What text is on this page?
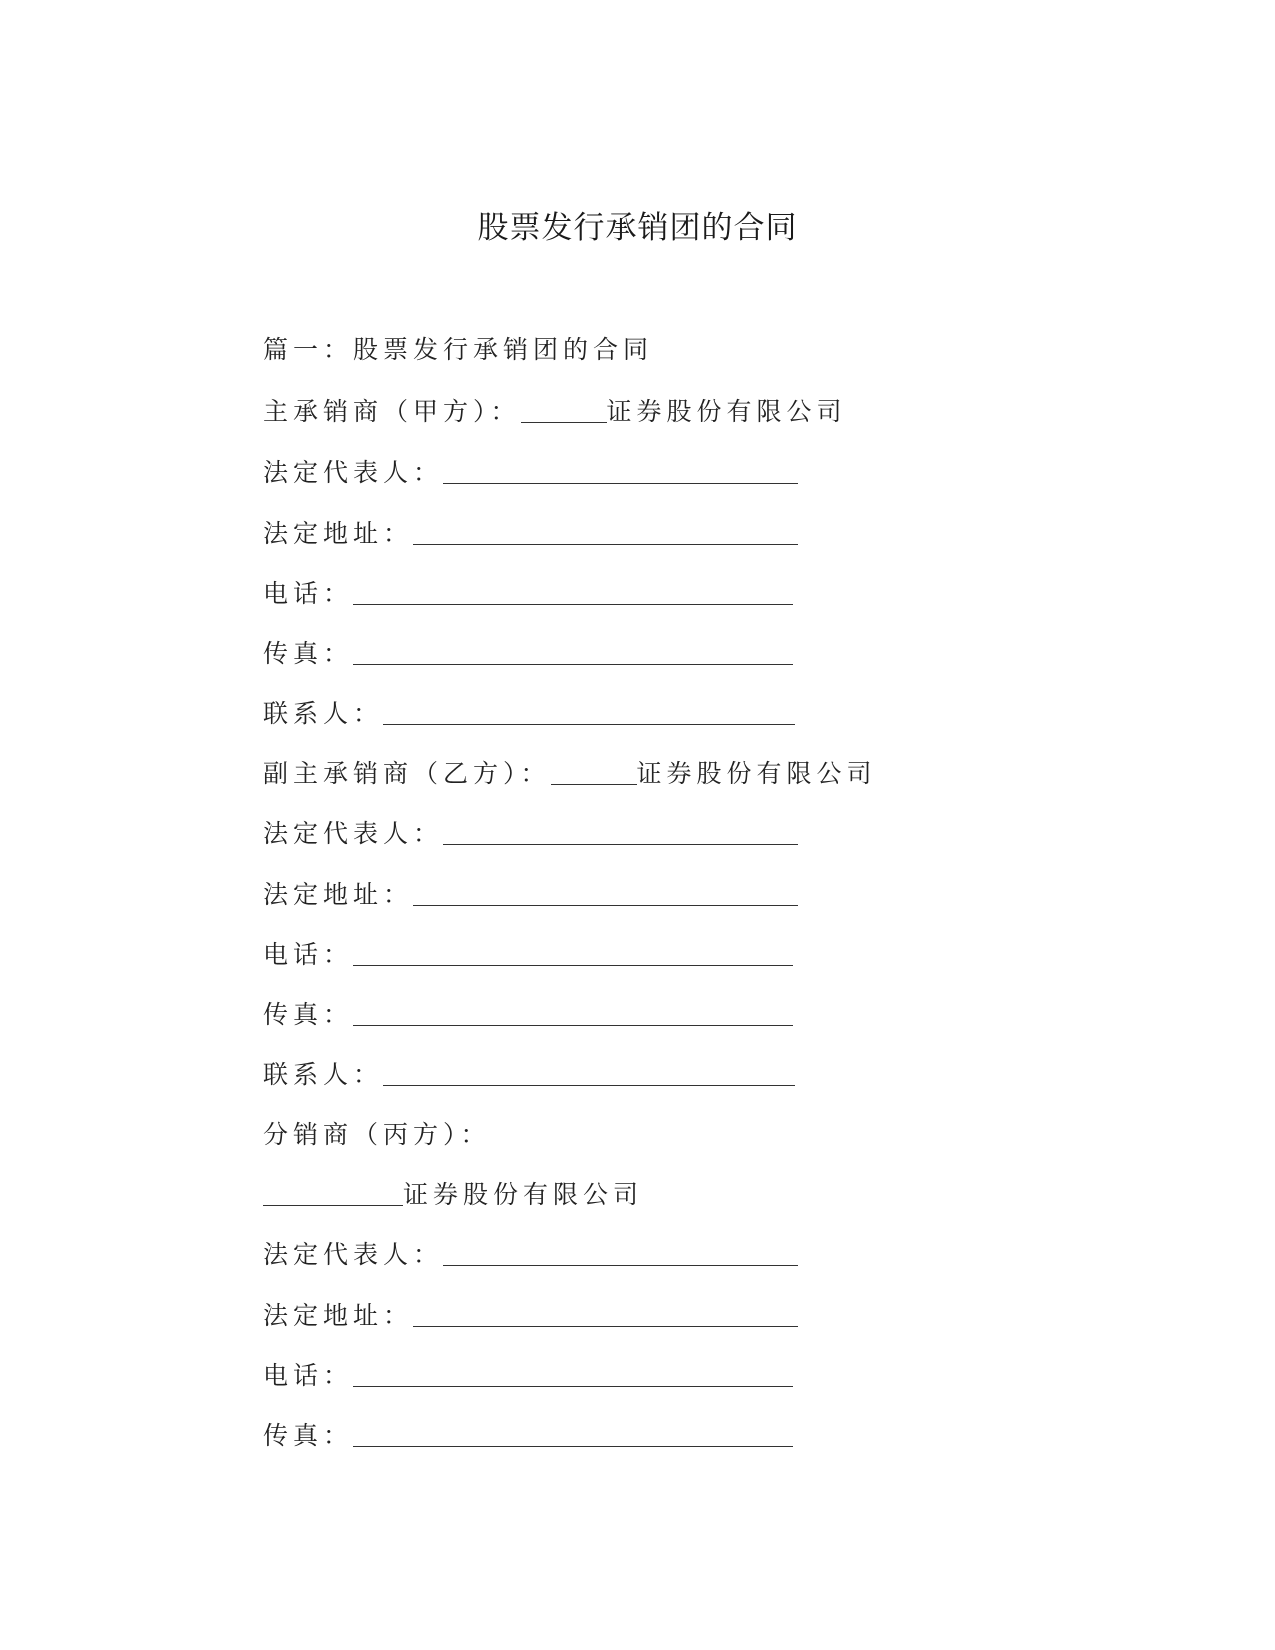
股票发行承销团的合同
篇一：股票发行承销团的合同
主承销商（甲方）：	证券股份有限公司
法定代表人：
法定地址：
电话：
传真：
联系人：
副主承销商（乙方）：	证券股份有限公司
法定代表人：
法定地址：
电话：
传真：
联系人：
分销商（丙方）：
证券股份有限公司
法定代表人：
法定地址：
电话：
传真：
